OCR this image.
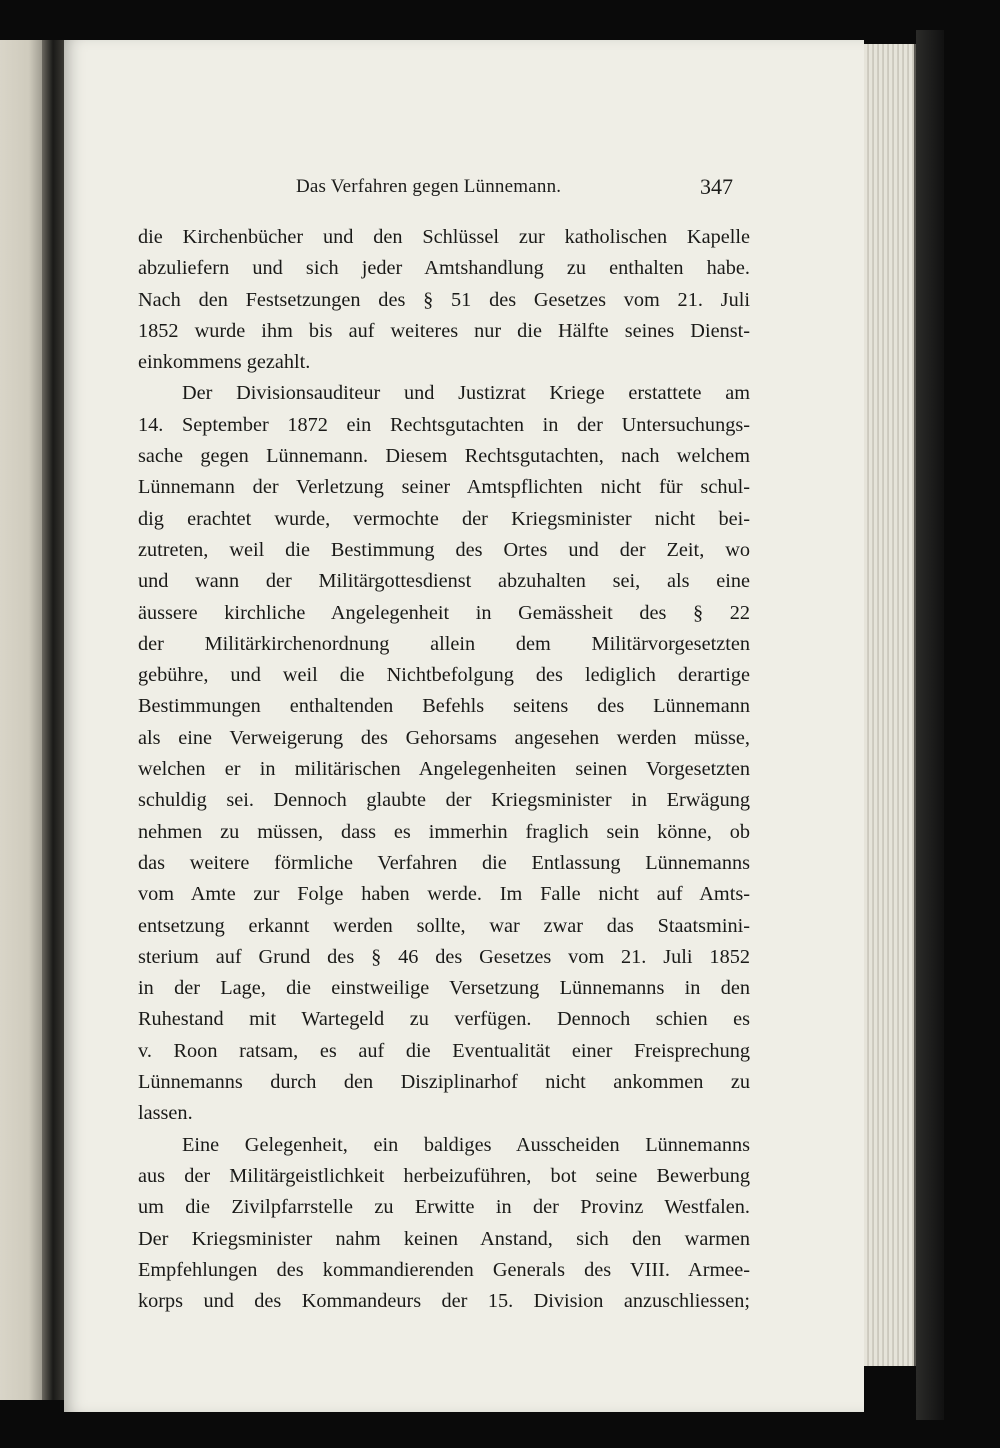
Das Verfahren gegen Lünnemann.	347
die Kirchenbücher und den Schlüssel zur katholischen Kapelle
abzuliefern und sich jeder Amtshandlung zu enthalten habe.
Nach den Festsetzungen des § 51 des Gesetzes vom 21. Juli
1852 wurde ihm bis auf weiteres nur die Hälfte seines Dienst-
einkommens gezahlt.
Der Divisionsauditeur und Justizrat Kriege erstattete am
14. September 1872 ein Rechtsgutachten in der Untersuchungs-
sache gegen Lünnemann. Diesem Rechtsgutachten, nach welchem
Lünnemann der Verletzung seiner Amtspflichten nicht für schul-
dig erachtet wurde, vermochte der Kriegsminister nicht bei-
zutreten, weil die Bestimmung des Ortes und der Zeit, wo
und wann der Militärgottesdienst abzuhalten sei, als eine
äussere kirchliche Angelegenheit in Gemässheit des § 22
der Militärkirchenordnung allein dem Militärvorgesetzten
gebühre, und weil die Nichtbefolgung des lediglich derartige
Bestimmungen enthaltenden Befehls seitens des Lünnemann
als eine Verweigerung des Gehorsams angesehen werden müsse,
welchen er in militärischen Angelegenheiten seinen Vorgesetzten
schuldig sei. Dennoch glaubte der Kriegsminister in Erwägung
nehmen zu müssen, dass es immerhin fraglich sein könne, ob
das weitere förmliche Verfahren die Entlassung Lünnemanns
vom Amte zur Folge haben werde. Im Falle nicht auf Amts-
entsetzung erkannt werden sollte, war zwar das Staatsmini-
sterium auf Grund des § 46 des Gesetzes vom 21. Juli 1852
in der Lage, die einstweilige Versetzung Lünnemanns in den
Ruhestand mit Wartegeld zu verfügen. Dennoch schien es
v. Roon ratsam, es auf die Eventualität einer Freisprechung
Lünnemanns durch den Disziplinarhof nicht ankommen zu
lassen.
Eine Gelegenheit, ein baldiges Ausscheiden Lünnemanns
aus der Militärgeistlichkeit herbeizuführen, bot seine Bewerbung
um die Zivilpfarrstelle zu Erwitte in der Provinz Westfalen.
Der Kriegsminister nahm keinen Anstand, sich den warmen
Empfehlungen des kommandierenden Generals des VIII. Armee-
korps und des Kommandeurs der 15. Division anzuschliessen;
